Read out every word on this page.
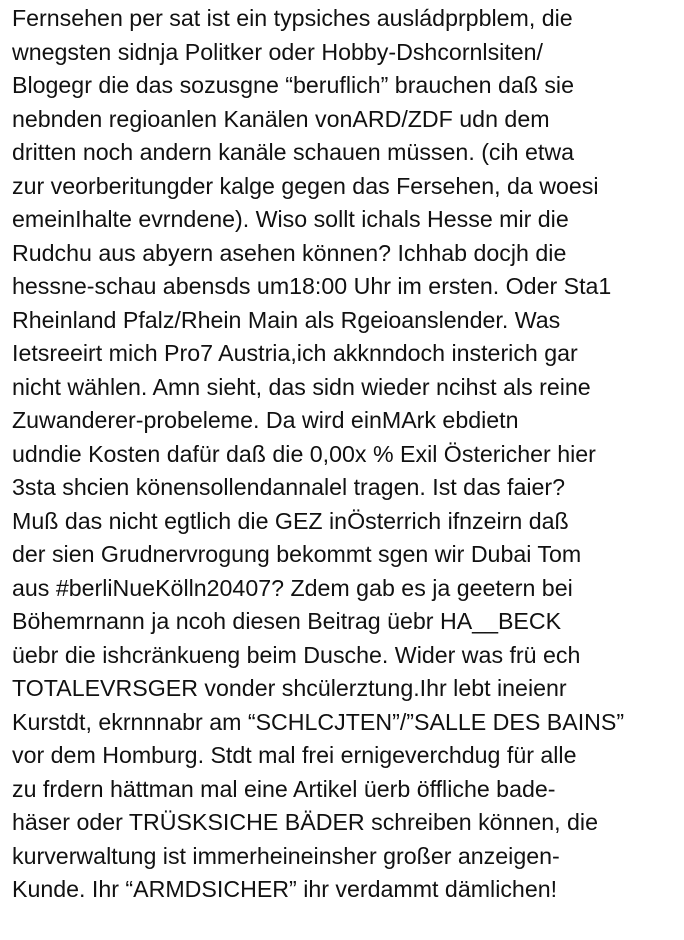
Fernsehen per sat ist ein typsiches ausládprpblem, die
wnegsten sidnja Politker oder Hobby-Dshcornlsiten/
Blogegr die das sozusgne “beruflich” brauchen daß sie
nebnden regioanlen Kanälen vonARD/ZDF udn dem
dritten noch andern kanäle schauen müssen. (cih etwa
zur veorberitungder kalge gegen das Fersehen, da woesi
emeinIhalte evrndene). Wiso sollt ichals Hesse mir die
Rudchu aus abyern asehen können? Ichhab docjh die
hessne-schau abensds um18:00 Uhr im ersten. Oder Sta1
Rheinland Pfalz/Rhein Main als Rgeioanslender. Was
Ietsreeirt mich Pro7 Austria,ich akknndoch insterich gar
nicht wählen. Amn sieht, das sidn wieder ncihst als reine
Zuwanderer-probeleme. Da wird einMArk ebdietn
udndie Kosten dafür daß die 0,00x % Exil Östericher hier
3sta shcien könensollendannalel tragen. Ist das faier?
Muß das nicht egtlich die GEZ inÖsterrich ifnzeirn daß
der sien Grudnervrogung bekommt sgen wir Dubai Tom
aus #berliNueKölln20407? Zdem gab es ja geetern bei
Böhemrnann ja ncoh diesen Beitrag üebr HA__BECK
üebr die ishcränkueng beim Dusche. Wider was frü ech
TOTALEVRSGER vonder shcülerztung.Ihr lebt ineienr
Kurstdt, ekrnnnabr am “SCHLCJTEN”/”SALLE DES BAINS”
vor dem Homburg. Stdt mal frei ernigeverchdug für alle
zu frdern hättman mal eine Artikel üerb öffliche bade-
häser oder TRÜSKSICHE BÄDER schreiben können, die
kurverwaltung ist immerheineinsher großer anzeigen-
Kunde. Ihr “ARMDSICHER” ihr verdammt dämlichen!
